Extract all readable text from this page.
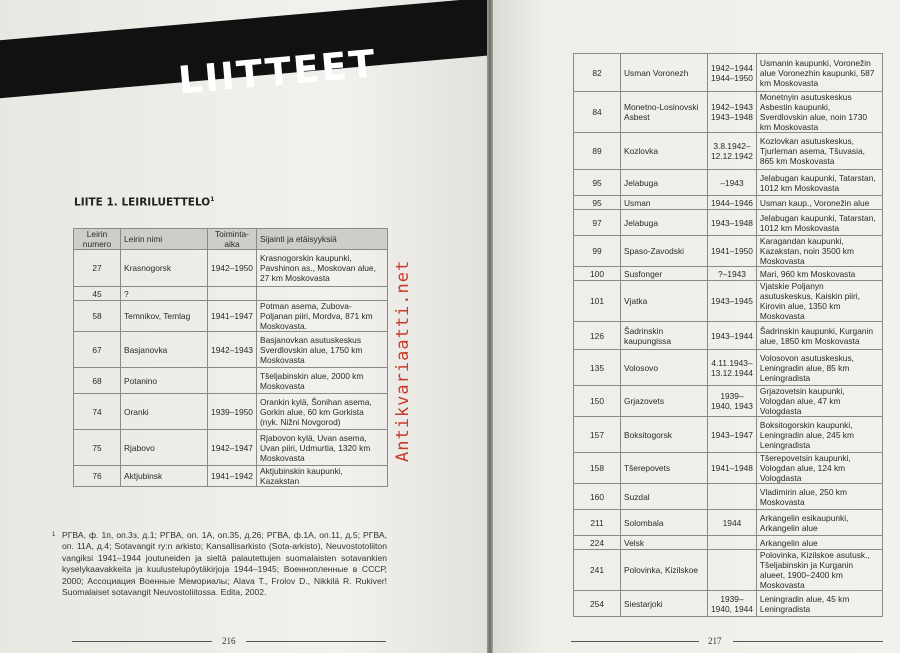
LIITTEET
LIITE 1. LEIRILUETTELO$^1$
Leirin numero	Leirin nimi	Toiminta-aika	Sijainti ja etäisyyksiä
27	Krasnogorsk	1942–1950	Krasnogorskin kaupunki, Pavshinon as., Moskovan alue, 27 km Moskovasta
45	?		
58	Temnikov, Temlag	1941–1947	Potman asema, Zubova-Poljanan piiri, Mordva, 871 km Moskovasta.
67	Basjanovka	1942–1943	Basjanovkan asutuskeskus Sverdlovskin alue, 1750 km Moskovasta
68	Potanino		Tšeljabinskin alue, 2000 km Moskovasta
74	Oranki	1939–1950	Orankin kylä, Šonihan asema, Gorkin alue, 60 km Gorkista (nyk. Nižni Novgorod)
75	Rjabovo	1942–1947	Rjabovon kylä, Uvan asema, Uvan piiri, Udmurtia, 1320 km Moskovasta
76	Aktjubinsk	1941–1942	Aktjubinskin kaupunki, Kazakstan
1 РГВА, ф. 1п, оп.3з, д.1; РГВА, оп. 1А, оп.35, д.26; РГВА, ф.1А, оп.11, д.5; РГВА, оп. 11А, д.4; Sotavangit ry:n arkisto; Kansallisarkisto (Sota-arkisto), Neuvostotoliiton vangiksi 1941–1944 joutuneiden ja sieltä palautettujen suomalaisten sotavankien kyselykaavakkeita ja kuulustelupöytäkirjoja 1944–1945; Военнопленные в СССР, 2000; Ассоциация Военные Мемориалы; Alava T., Frolov D., Nikkilä R. Rukiver! Suomalaiset sotavangit Neuvostoliitossa. Edita, 2002.
216
Antikvariaatti.net
82	Usman Voronezh	1942–1944 1944–1950	Usmanin kaupunki, Voronežin alue Voronezhin kaupunki, 587 km Moskovasta
84	Monetno-Losinovski Asbest	1942–1943 1943–1948	Monetnyin asutuskeskus Asbestin kaupunki, Sverdlovskin alue, noin 1730 km Moskovasta
89	Kozlovka	3.8.1942–12.12.1942	Kozlovkan asutuskeskus, Tjurleman asema, Tšuvasia, 865 km Moskovasta
95	Jelabuga	–1943	Jelabugan kaupunki, Tatarstan, 1012 km Moskovasta
95	Usman	1944–1946	Usman kaup., Voronežin alue
97	Jelabuga	1943–1948	Jelabugan kaupunki, Tatarstan, 1012 km Moskovasta
99	Spaso-Zavodski	1941–1950	Karagandan kaupunki, Kazakstan, noin 3500 km Moskovasta
100	Susfonger	?–1943	Mari, 960 km Moskovasta
101	Vjatka	1943–1945	Vjatskie Poljanyn asutuskeskus, Kaiskin piiri, Kirovin alue, 1350 km Moskovasta
126	Šadrinskin kaupungissa	1943–1944	Šadrinskin kaupunki, Kurganin alue, 1850 km Moskovasta
135	Volosovo	4.11.1943–13.12.1944	Volosovon asutuskeskus, Leningradin alue, 85 km Leningradista
150	Grjazovets	1939–1940, 1943	Grjazovetsin kaupunki, Vologdan alue, 47 km Vologdasta
157	Boksitogorsk	1943–1947	Boksitogorskin kaupunki, Leningradin alue, 245 km Leningradista
158	Tšerepovets	1941–1948	Tšerepovetsin kaupunki, Vologdan alue, 124 km Vologdasta
160	Suzdal		Vladimirin alue, 250 km Moskovasta
211	Solombala	1944	Arkangelin esikaupunki, Arkangelin alue
224	Velsk		Arkangelin alue
241	Polovinka, Kizilskoe		Polovinka, Kizilskoe asutusk., Tšeljabinskin ja Kurganin alueet, 1900–2400 km Moskovasta
254	Siestarjoki	1939–1940, 1944	Leningradin alue, 45 km Leningradista
217
